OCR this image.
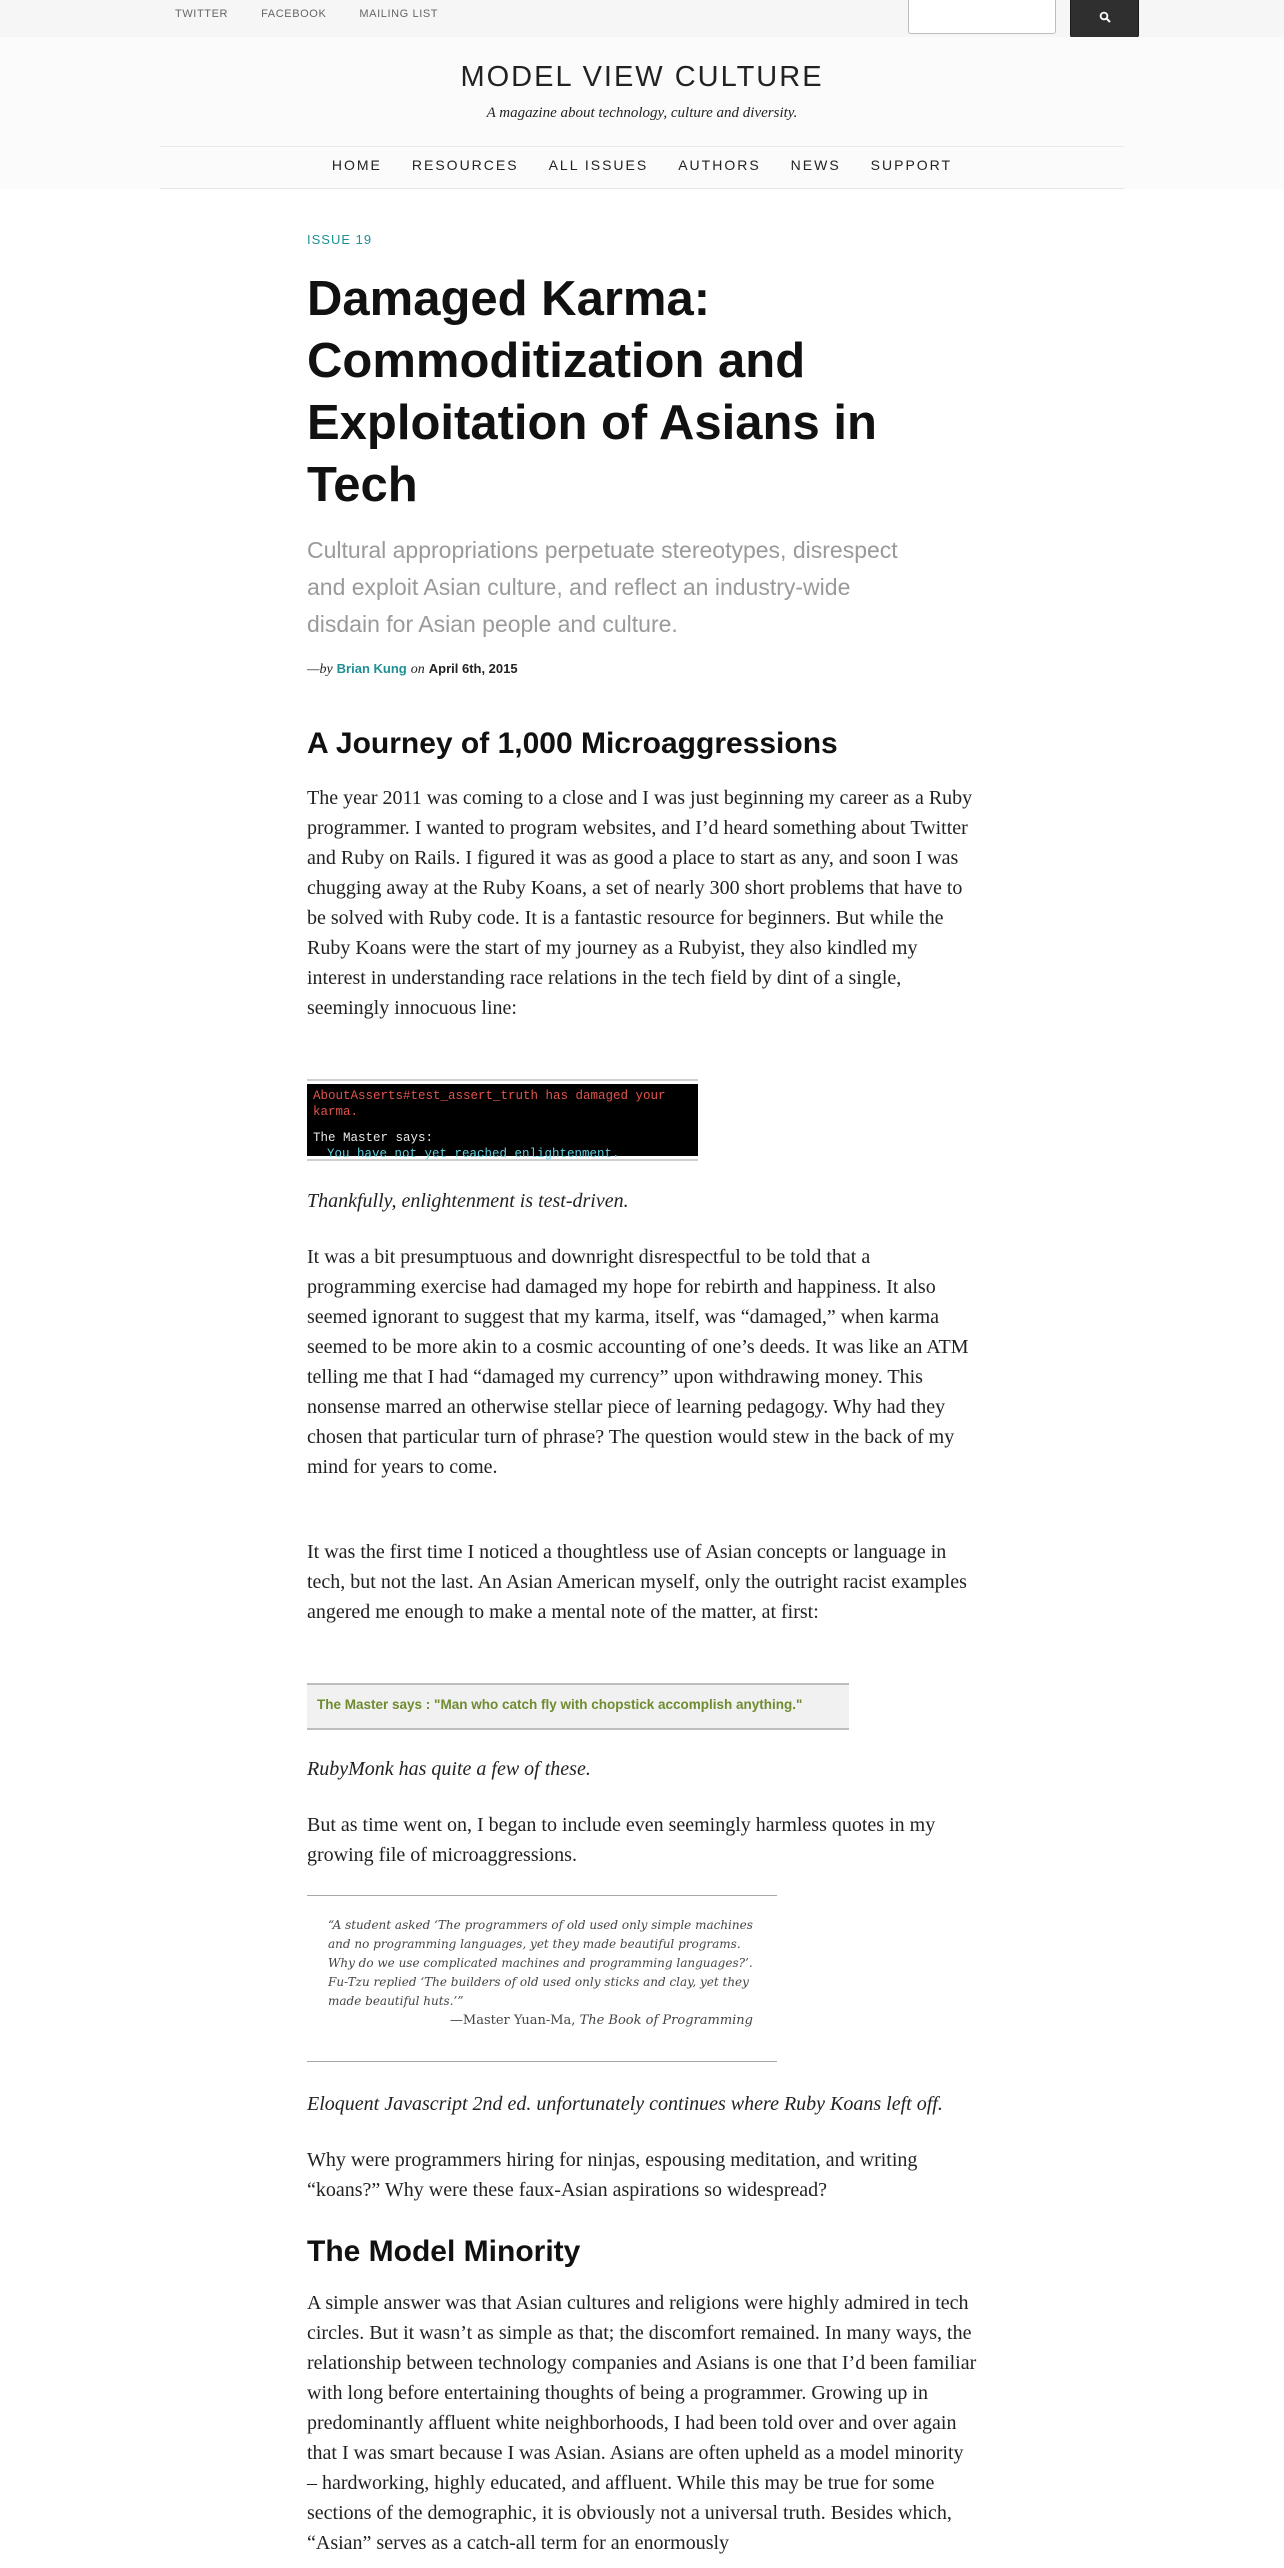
TWITTER	FACEBOOK	MAILING LIST
MODEL VIEW CULTURE
A magazine about technology, culture and diversity.
HOME RESOURCES ALL ISSUES AUTHORS NEWS SUPPORT
ISSUE 19
Damaged Karma: Commoditization and Exploitation of Asians in Tech
Cultural appropriations perpetuate stereotypes, disrespect and exploit Asian culture, and reflect an industry-wide disdain for Asian people and culture.
—by Brian Kung on April 6th, 2015
A Journey of 1,000 Microaggressions

The year 2011 was coming to a close and I was just beginning my career as a Ruby programmer. I wanted to program websites, and I’d heard something about Twitter and Ruby on Rails. I figured it was as good a place to start as any, and soon I was chugging away at the Ruby Koans, a set of nearly 300 short problems that have to be solved with Ruby code. It is a fantastic resource for beginners. But while the Ruby Koans were the start of my journey as a Rubyist, they also kindled my interest in understanding race relations in the tech field by dint of a single, seemingly innocuous line:

AboutAsserts#test_assert_truth has damaged your karma.
The Master says:
You have not yet reached enlightenment.

Thankfully, enlightenment is test-driven.

It was a bit presumptuous and downright disrespectful to be told that a programming exercise had damaged my hope for rebirth and happiness. It also seemed ignorant to suggest that my karma, itself, was “damaged,” when karma seemed to be more akin to a cosmic accounting of one’s deeds. It was like an ATM telling me that I had “damaged my currency” upon withdrawing money. This nonsense marred an otherwise stellar piece of learning pedagogy. Why had they chosen that particular turn of phrase? The question would stew in the back of my mind for years to come.

It was the first time I noticed a thoughtless use of Asian concepts or language in tech, but not the last. An Asian American myself, only the outright racist examples angered me enough to make a mental note of the matter, at first:

The Master says : "Man who catch fly with chopstick accomplish anything."

RubyMonk has quite a few of these.

But as time went on, I began to include even seemingly harmless quotes in my growing file of microaggressions.

“A student asked ‘The programmers of old used only simple machines and no programming languages, yet they made beautiful programs. Why do we use complicated machines and programming languages?’. Fu-Tzu replied ‘The builders of old used only sticks and clay, yet they made beautiful huts.’”
—Master Yuan-Ma, The Book of Programming

Eloquent Javascript 2nd ed. unfortunately continues where Ruby Koans left off.

Why were programmers hiring for ninjas, espousing meditation, and writing “koans?” Why were these faux-Asian aspirations so widespread?

The Model Minority

A simple answer was that Asian cultures and religions were highly admired in tech circles. But it wasn’t as simple as that; the discomfort remained. In many ways, the relationship between technology companies and Asians is one that I’d been familiar with long before entertaining thoughts of being a programmer. Growing up in predominantly affluent white neighborhoods, I had been told over and over again that I was smart because I was Asian. Asians are often upheld as a model minority – hardworking, highly educated, and affluent. While this may be true for some sections of the demographic, it is obviously not a universal truth. Besides which, “Asian” serves as a catch-all term for an enormously
